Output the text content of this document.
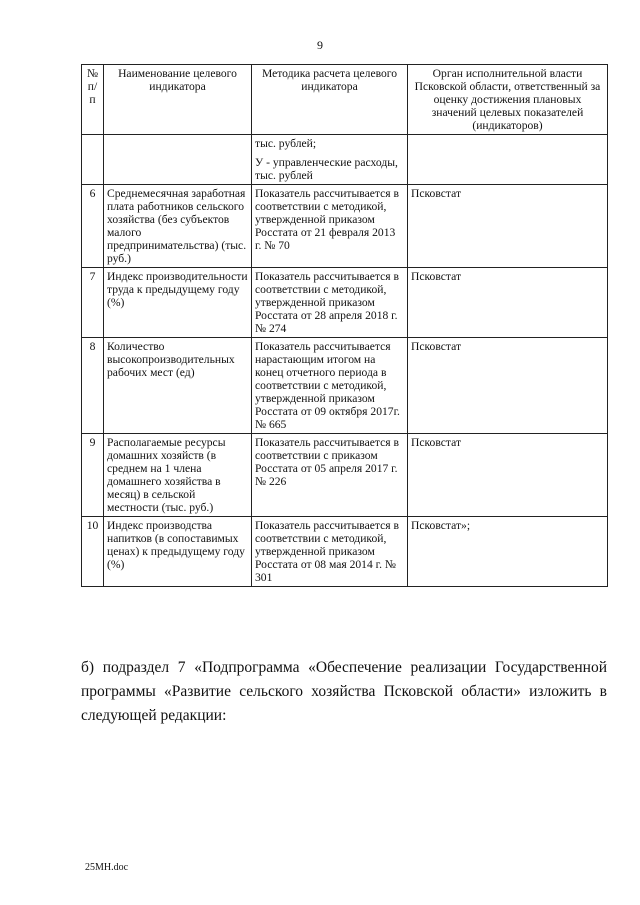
9
№ п/п	Наименование целевого индикатора	Методика расчета целевого индикатора	Орган исполнительной власти Псковской области, ответственный за оценку достижения плановых значений целевых показателей (индикаторов)

		тыс. рублей;
У - управленческие расходы, тыс. рублей	

6	Среднемесячная заработная плата работников сельского хозяйства (без субъектов малого предпринимательства) (тыс. руб.)	Показатель рассчитывается в соответствии с методикой, утвержденной приказом Росстата от 21 февраля 2013 г. № 70	Псковстат
7	Индекс производительности труда к предыдущему году (%)	Показатель рассчитывается в соответствии с методикой, утвержденной приказом Росстата от 28 апреля 2018 г. № 274	Псковстат
8	Количество высокопроизводительных рабочих мест (ед)	Показатель рассчитывается нарастающим итогом на конец отчетного периода в соответствии с методикой, утвержденной приказом Росстата от 09 октября 2017г. № 665	Псковстат
9	Располагаемые ресурсы домашних хозяйств (в среднем на 1 члена домашнего хозяйства в месяц) в сельской местности (тыс. руб.)	Показатель рассчитывается в соответствии с приказом Росстата от 05 апреля 2017 г. № 226	Псковстат
10	Индекс производства напитков (в сопоставимых ценах) к предыдущему году (%)	Показатель рассчитывается в соответствии с методикой, утвержденной приказом Росстата от 08 мая 2014 г. № 301	Псковстат»;

б) подраздел 7 «Подпрограмма «Обеспечение реализации Государственной программы «Развитие сельского хозяйства Псковской области» изложить в следующей редакции:

25МН.doc
